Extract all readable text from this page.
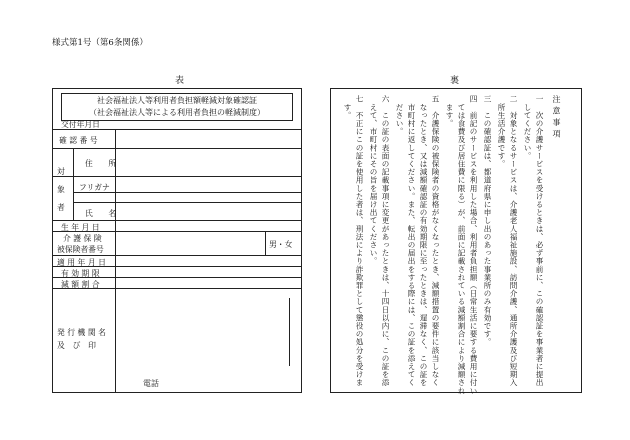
様式第1号（第6条関係）
表	裏
社会福祉法人等利用者負担額軽減対象確認証
（社会福祉法人等による利用者負担の軽減制度）
交付年月日
確 認 番 号
対 象 者
住　　所
フリガナ
氏　　名
生 年 月 日
介 護 保 険
被保険者番号
男・女
適 用 年 月 日
有 効 期 限
減 額 割 合
発 行 機 関 名
及　び　印
電話
注 意 事 項
一　次の介護サービスを受けるときは、必ず事前に、この確認証を事業者に提出
　してください。
二　対象となるサービスは、介護老人福祉施設、訪問介護、通所介護及び短期入
　所生活介護です。
三　この確認証は、都道府県に申し出のあった事業所のみ有効です。
四　前記のサービスを利用した場合、利用者負担額（日常生活に要する費用に付い
　ては食費及び居住費に限る）が、前面に記載されている減額割合により減額され
　ます。
五　介護保険の被保険者の資格がなくなったとき、減額措置の要件に該当しなく
　なったとき、又は減額確認証の有効期限に至ったときは、遅滞なく、この証を
　市町村に返してください。また、転出の届出をする際には、この証を添えてく
　ださい。
六　この証の表面の記載事項に変更があったときは、十四日以内に、この証を添
　えて、市町村にその旨を届け出てください。
七　不正にこの証を使用した者は、刑法により詐欺罪として懲役の処分を受けま
　す。
